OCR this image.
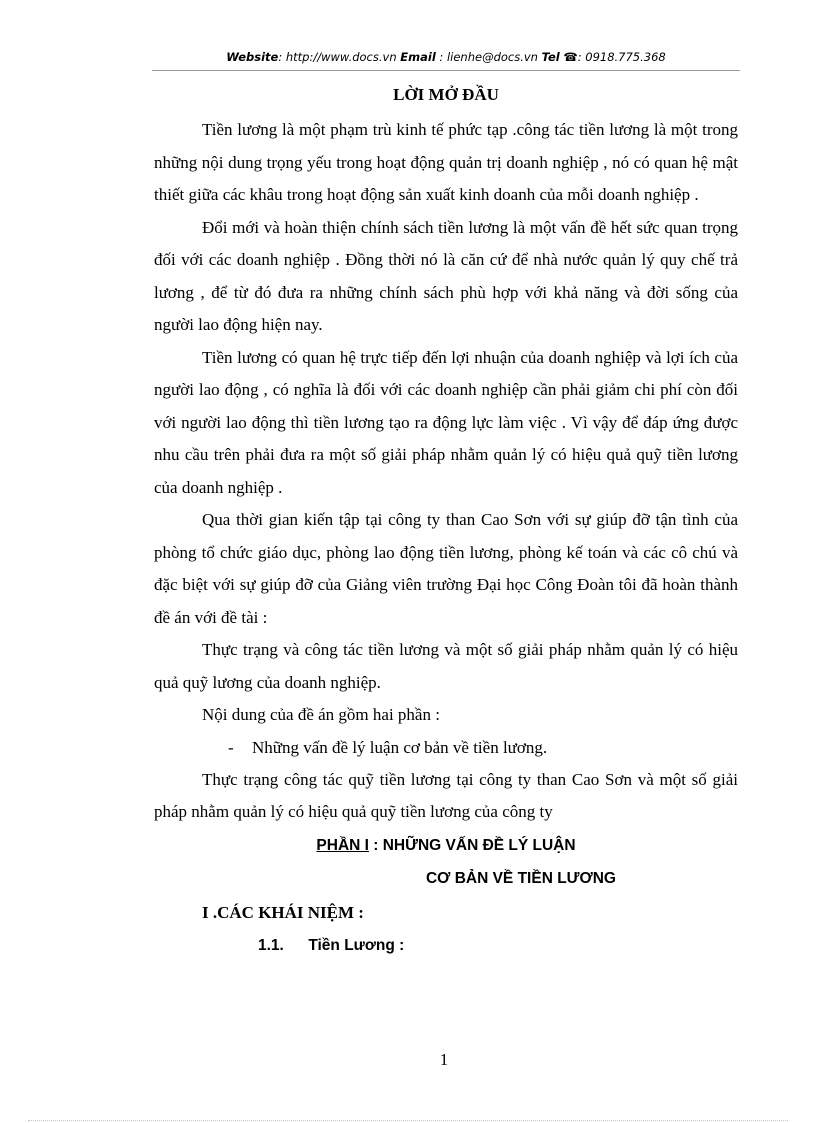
Website: http://www.docs.vn Email : lienhe@docs.vn Tel ☎: 0918.775.368

LỜI MỞ ĐẦU

Tiền lương là một phạm trù kinh tế phức tạp .công tác tiền lương là một trong những nội dung trọng yếu trong hoạt động quản trị doanh nghiệp , nó có quan hệ mật thiết giữa các khâu trong hoạt động sản xuất kinh doanh của mỗi doanh nghiệp .

Đổi mới và hoàn thiện chính sách tiền lương là một vấn đề hết sức quan trọng đối với các doanh nghiệp . Đồng thời nó là căn cứ để nhà nước quản lý quy chế trả lương , để từ đó đưa ra những chính sách phù hợp với khả năng và đời sống của người lao động hiện nay.

Tiền lương có quan hệ trực tiếp đến lợi nhuận của doanh nghiệp và lợi ích của người lao động , có nghĩa là đối với các doanh nghiệp cần phải giảm chi phí còn đối với người lao động thì tiền lương tạo ra động lực làm việc . Vì vậy để đáp ứng được nhu cầu trên phải đưa ra một số giải pháp nhằm quản lý có hiệu quả quỹ tiền lương của doanh nghiệp .

Qua thời gian kiến tập tại công ty than Cao Sơn với sự giúp đỡ tận tình của phòng tổ chức giáo dục, phòng lao động tiền lương, phòng kế toán và các cô chú và đặc biệt với sự giúp đỡ của Giảng viên trường Đại học Công Đoàn tôi đã hoàn thành đề án với đề tài :

Thực trạng và công tác tiền lương và một số giải pháp nhằm quản lý có hiệu quả quỹ lương của doanh nghiệp.

Nội dung của đề án gồm hai phần :

- Những vấn đề lý luận cơ bản về tiền lương.

Thực trạng công tác quỹ tiền lương tại công ty than Cao Sơn và một số giải pháp nhằm quản lý có hiệu quả quỹ tiền lương của công ty

PHẦN I : NHỮNG VẤN ĐỀ LÝ LUẬN

CƠ BẢN VỀ TIỀN LƯƠNG

I .CÁC KHÁI NIỆM :

1.1. Tiền Lương :

1
